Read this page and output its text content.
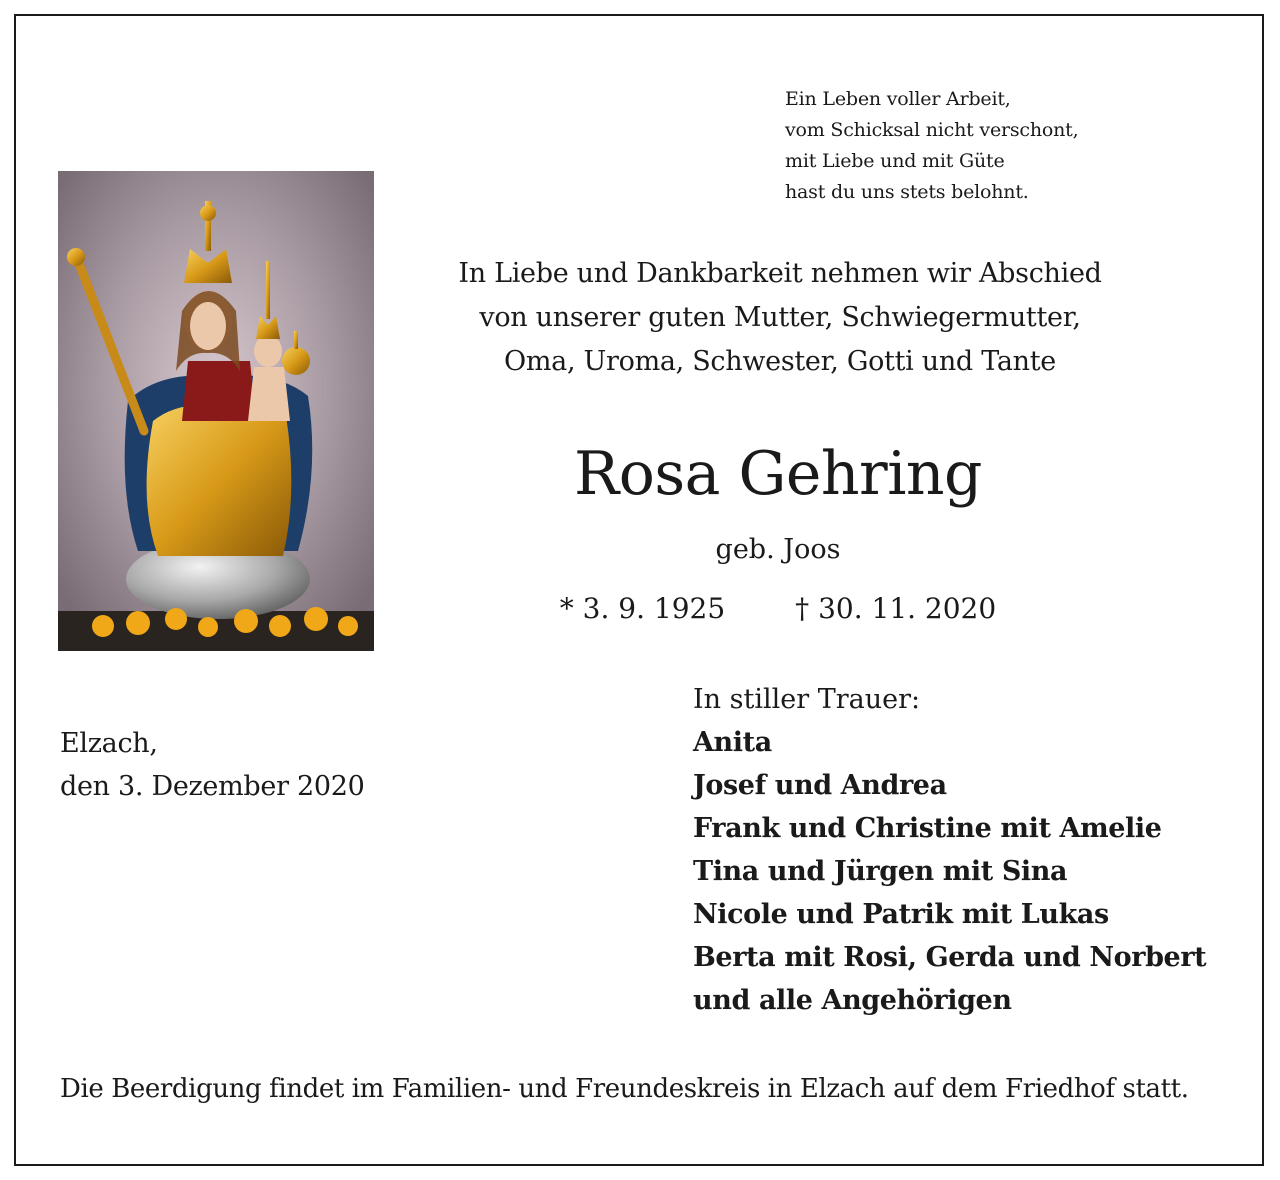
Ein Leben voller Arbeit,
vom Schicksal nicht verschont,
mit Liebe und mit Güte
hast du uns stets belohnt.
In Liebe und Dankbarkeit nehmen wir Abschied
von unserer guten Mutter, Schwiegermutter,
Oma, Uroma, Schwester, Gotti und Tante
Rosa Gehring
geb. Joos
* 3. 9. 1925	† 30. 11. 2020
Elzach,
den 3. Dezember 2020
In stiller Trauer:
Anita
Josef und Andrea
Frank und Christine mit Amelie
Tina und Jürgen mit Sina
Nicole und Patrik mit Lukas
Berta mit Rosi, Gerda und Norbert
und alle Angehörigen
Die Beerdigung findet im Familien- und Freundeskreis in Elzach auf dem Friedhof statt.
